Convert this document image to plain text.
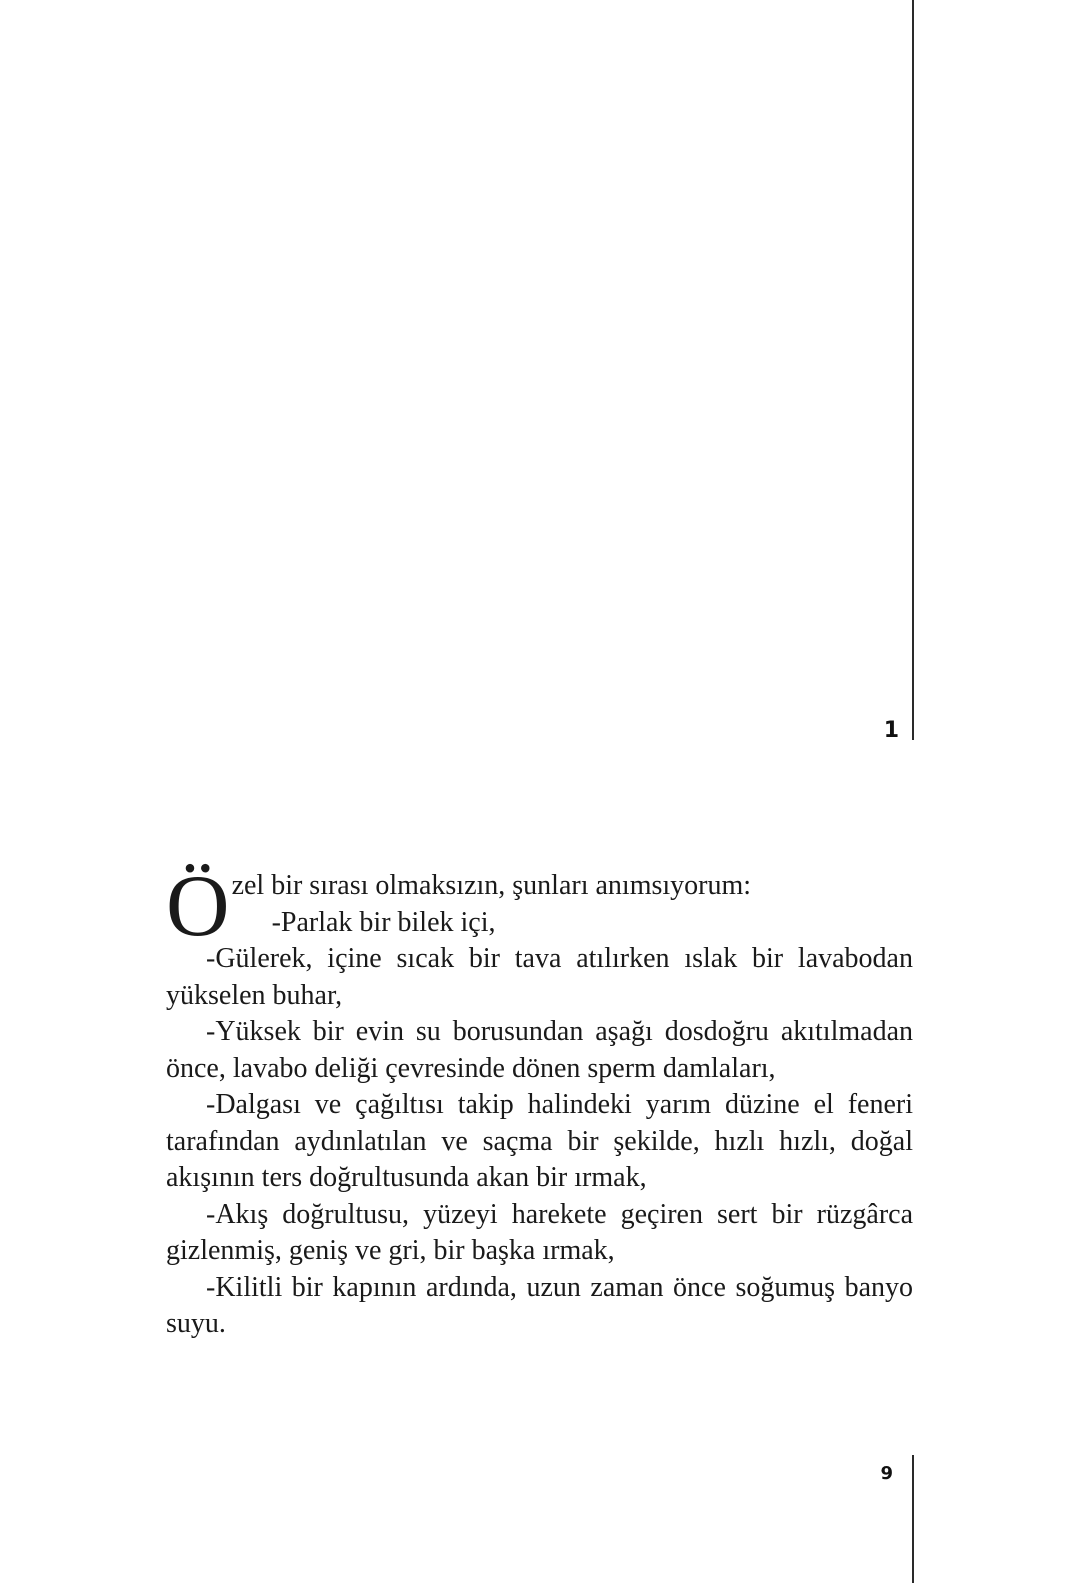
1

Ö zel bir sırası olmaksızın, şunları anımsıyorum:

-Parlak bir bilek içi,

-Gülerek, içine sıcak bir tava atılırken ıslak bir lavabodan yükselen buhar,

-Yüksek bir evin su borusundan aşağı dosdoğru akıtılmadan önce, lavabo deliği çevresinde dönen sperm damlaları,

-Dalgası ve çağıltısı takip halindeki yarım düzine el feneri tarafından aydınlatılan ve saçma bir şekilde, hızlı hızlı, doğal akışının ters doğrultusunda akan bir ırmak,

-Akış doğrultusu, yüzeyi harekete geçiren sert bir rüzgârca gizlenmiş, geniş ve gri, bir başka ırmak,

-Kilitli bir kapının ardında, uzun zaman önce soğumuş banyo suyu.

9
